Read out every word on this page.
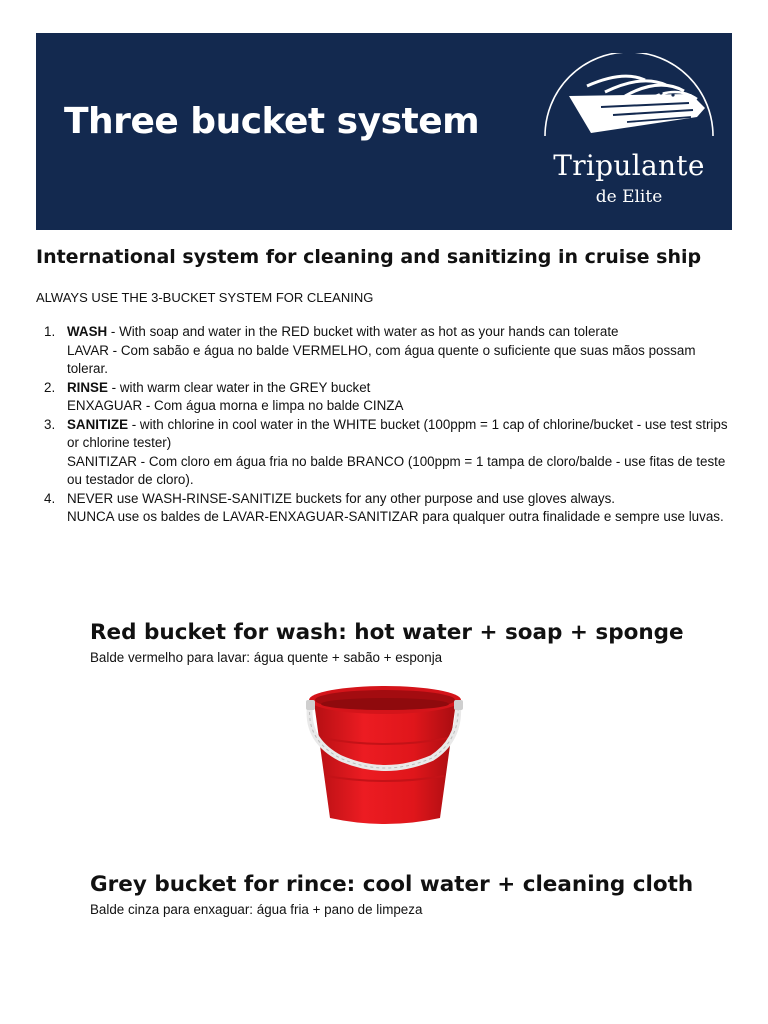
Three bucket system
Tripulante
de Elite
International system for cleaning and sanitizing in cruise ship

ALWAYS USE THE 3-BUCKET SYSTEM FOR CLEANING

1. WASH - With soap and water in the RED bucket with water as hot as your hands can tolerate
LAVAR - Com sabão e água no balde VERMELHO, com água quente o suficiente que suas mãos possam tolerar.
2. RINSE - with warm clear water in the GREY bucket
ENXAGUAR - Com água morna e limpa no balde CINZA
3. SANITIZE - with chlorine in cool water in the WHITE bucket (100ppm = 1 cap of chlorine/bucket - use test strips or chlorine tester)
SANITIZAR - Com cloro em água fria no balde BRANCO (100ppm = 1 tampa de cloro/balde - use fitas de teste ou testador de cloro).
4. NEVER use WASH-RINSE-SANITIZE buckets for any other purpose and use gloves always.
NUNCA use os baldes de LAVAR-ENXAGUAR-SANITIZAR para qualquer outra finalidade e sempre use luvas.
Red bucket for wash: hot water + soap + sponge

Balde vermelho para lavar: água quente + sabão + esponja

Grey bucket for rince: cool water + cleaning cloth

Balde cinza para enxaguar: água fria + pano de limpeza
